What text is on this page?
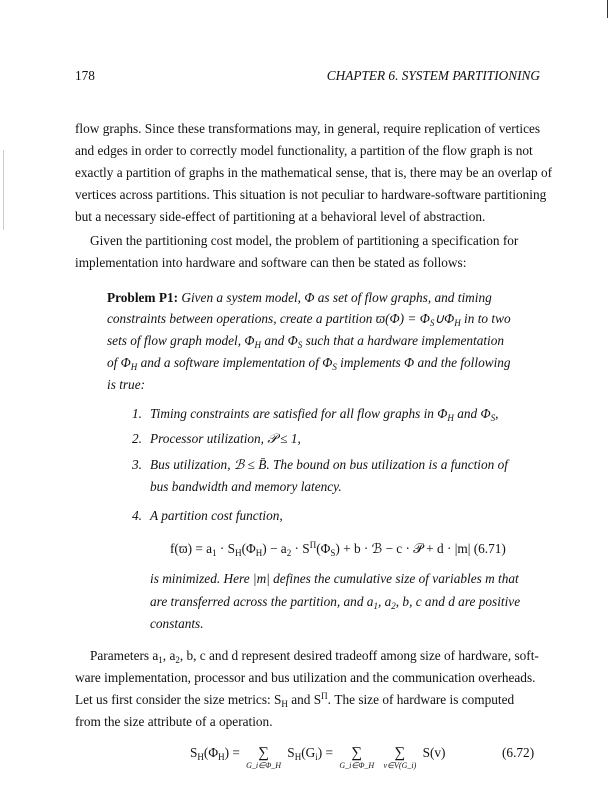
178	CHAPTER 6. SYSTEM PARTITIONING
flow graphs. Since these transformations may, in general, require replication of vertices
and edges in order to correctly model functionality, a partition of the flow graph is not
exactly a partition of graphs in the mathematical sense, that is, there may be an overlap of
vertices across partitions. This situation is not peculiar to hardware-software partitioning
but a necessary side-effect of partitioning at a behavioral level of abstraction.
Given the partitioning cost model, the problem of partitioning a specification for
implementation into hardware and software can then be stated as follows:
Problem P1: Given a system model, Φ as set of flow graphs, and timing
constraints between operations, create a partition $ϖ(\Phi) = \Phi_S\cup\Phi_H$ in to two
sets of flow graph model, $\Phi_H$ and $\Phi_S$ such that a hardware implementation
of $\Phi_H$ and a software implementation of $\Phi_S$ implements Φ and the following
is true:
Timing constraints are satisfied for all flow graphs in $\Phi_H$ and $\Phi_S$,
Processor utilization, 𝒫 ≤ 1,
Bus utilization, ℬ ≤ B̄. The bound on bus utilization is a function of
bus bandwidth and memory latency.
A partition cost function,
$f(ϖ) = a_1 \cdot S_H(\Phi_H) - a_2 \cdot S^\Pi(\Phi_S) + b$ · ℬ − c · 𝒫 + d · |m| (6.71)
is minimized. Here |m| defines the cumulative size of variables m that
are transferred across the partition, and $a_1$, $a_2$, b, c and d are positive
constants.
Parameters $a_1$, $a_2$, b, c and d represent desired tradeoff among size of hardware, soft-
ware implementation, processor and bus utilization and the communication overheads.
Let us first consider the size metrics: $S_H$ and $S^\Pi$. The size of hardware is computed
from the size attribute of a operation.
$S_H(\Phi_H)$ = ∑
G_i∈Φ_H
$S_H(G_i)$ = ∑
G_i∈Φ_H

∑
v∈V(G_i)
S(v)	(6.72)
1.
2.
3.
4.
